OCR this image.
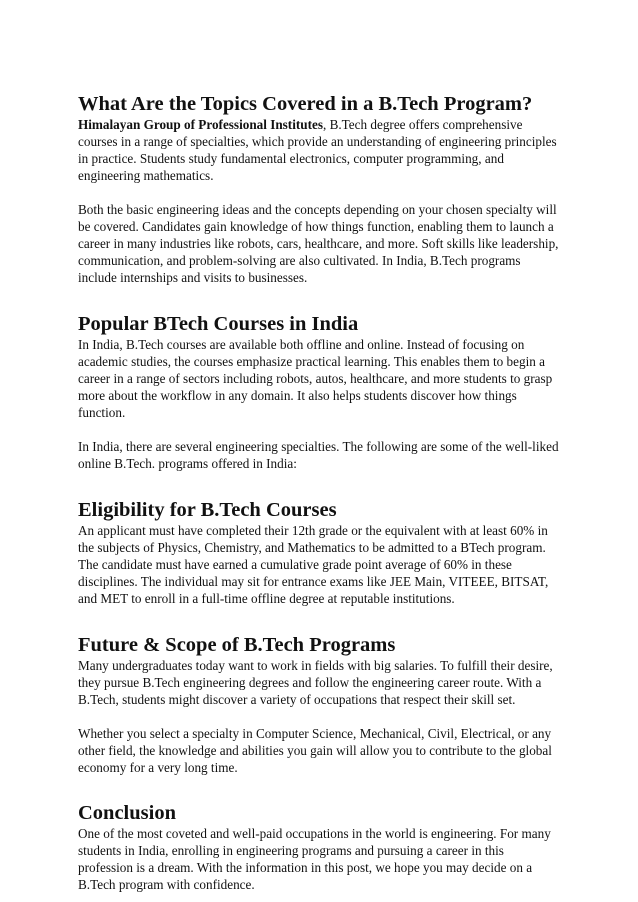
What Are the Topics Covered in a B.Tech Program?

Himalayan Group of Professional Institutes, B.Tech degree offers comprehensive courses in a range of specialties, which provide an understanding of engineering principles in practice. Students study fundamental electronics, computer programming, and engineering mathematics.

Both the basic engineering ideas and the concepts depending on your chosen specialty will be covered. Candidates gain knowledge of how things function, enabling them to launch a career in many industries like robots, cars, healthcare, and more. Soft skills like leadership, communication, and problem-solving are also cultivated. In India, B.Tech programs include internships and visits to businesses.

Popular BTech Courses in India

In India, B.Tech courses are available both offline and online. Instead of focusing on academic studies, the courses emphasize practical learning. This enables them to begin a career in a range of sectors including robots, autos, healthcare, and more students to grasp more about the workflow in any domain. It also helps students discover how things function.

In India, there are several engineering specialties. The following are some of the well-liked online B.Tech. programs offered in India:

Eligibility for B.Tech Courses

An applicant must have completed their 12th grade or the equivalent with at least 60% in the subjects of Physics, Chemistry, and Mathematics to be admitted to a BTech program. The candidate must have earned a cumulative grade point average of 60% in these disciplines. The individual may sit for entrance exams like JEE Main, VITEEE, BITSAT, and MET to enroll in a full-time offline degree at reputable institutions.

Future & Scope of B.Tech Programs

Many undergraduates today want to work in fields with big salaries. To fulfill their desire, they pursue B.Tech engineering degrees and follow the engineering career route. With a B.Tech, students might discover a variety of occupations that respect their skill set.

Whether you select a specialty in Computer Science, Mechanical, Civil, Electrical, or any other field, the knowledge and abilities you gain will allow you to contribute to the global economy for a very long time.

Conclusion

One of the most coveted and well-paid occupations in the world is engineering. For many students in India, enrolling in engineering programs and pursuing a career in this profession is a dream. With the information in this post, we hope you may decide on a B.Tech program with confidence.
